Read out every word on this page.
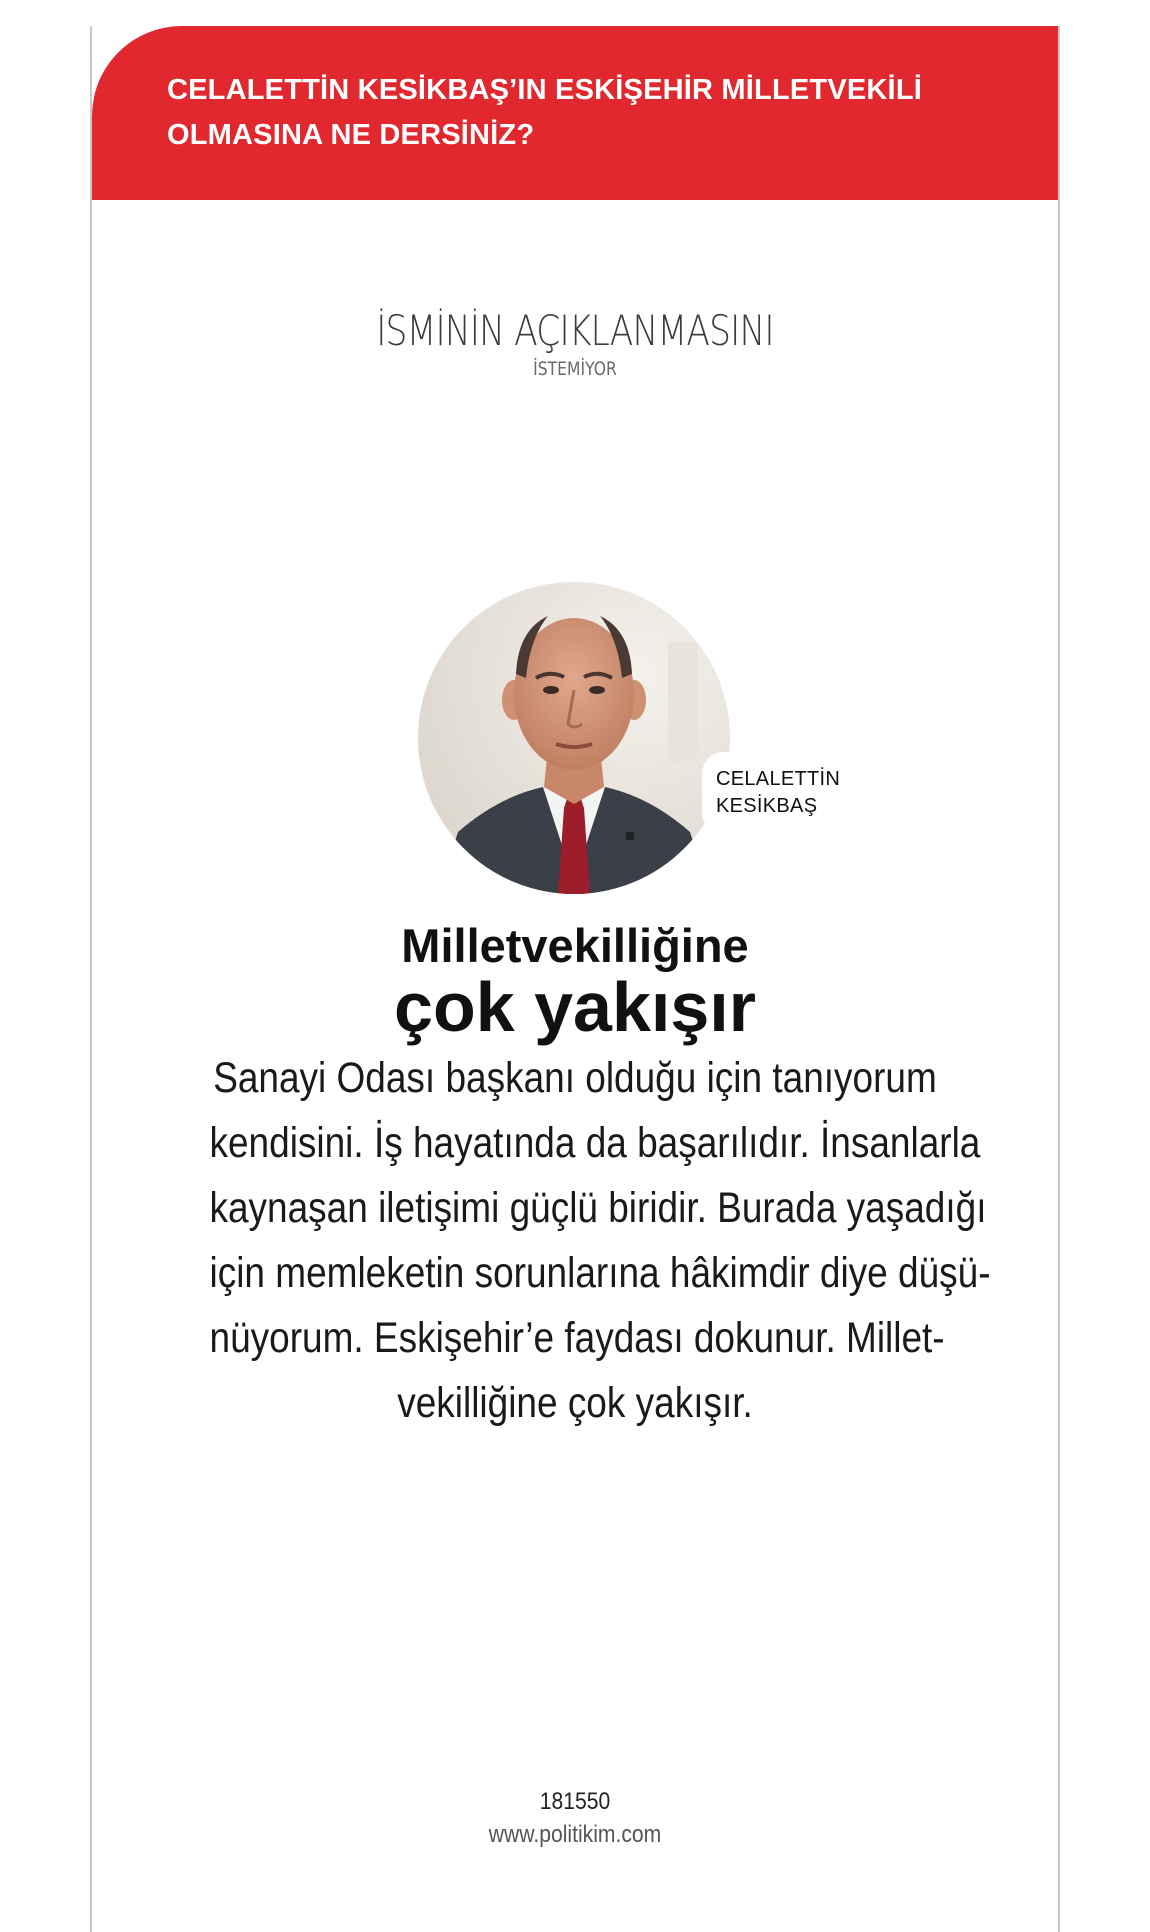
CELALETTİN KESİKBAŞ’IN ESKİŞEHİR MİLLETVEKİLİ
OLMASINA NE DERSİNİZ?
İSMİNİN AÇIKLANMASINI
İSTEMİYOR
CELALETTİN
KESİKBAŞ
Milletvekilliğine
çok yakışır

Sanayi Odası başkanı olduğu için tanıyorum
kendisini. İş hayatında da başarılıdır. İnsanlarla
kaynaşan iletişimi güçlü biridir. Burada yaşadığı
için memleketin sorunlarına hâkimdir diye düşü-
nüyorum. Eskişehir’e faydası dokunur. Millet-
vekilliğine çok yakışır.

181550
www.politikim.com
